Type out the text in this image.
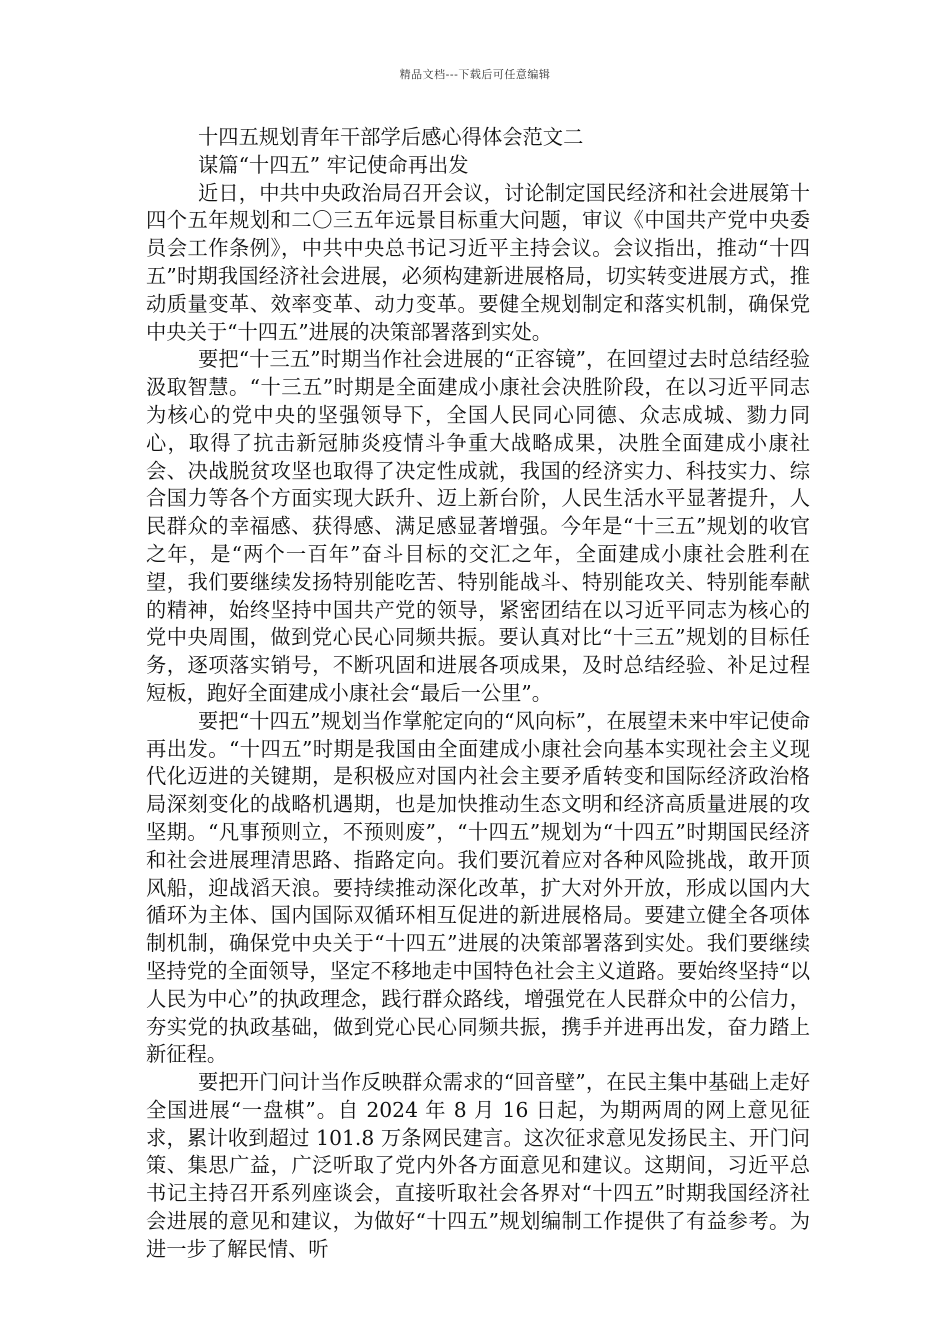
精品文档---下载后可任意编辑

十四五规划青年干部学后感心得体会范文二

谋篇“十四五” 牢记使命再出发

近日，中共中央政治局召开会议，讨论制定国民经济和社会进展第十四个五年规划和二〇三五年远景目标重大问题，审议《中国共产党中央委员会工作条例》，中共中央总书记习近平主持会议。会议指出，推动“十四五”时期我国经济社会进展，必须构建新进展格局，切实转变进展方式，推动质量变革、效率变革、动力变革。要健全规划制定和落实机制，确保党中央关于“十四五”进展的决策部署落到实处。

要把“十三五”时期当作社会进展的“正容镜”，在回望过去时总结经验汲取智慧。“十三五”时期是全面建成小康社会决胜阶段，在以习近平同志为核心的党中央的坚强领导下，全国人民同心同德、众志成城、勠力同心，取得了抗击新冠肺炎疫情斗争重大战略成果，决胜全面建成小康社会、决战脱贫攻坚也取得了决定性成就，我国的经济实力、科技实力、综合国力等各个方面实现大跃升、迈上新台阶，人民生活水平显著提升，人民群众的幸福感、获得感、满足感显著增强。今年是“十三五”规划的收官之年，是“两个一百年”奋斗目标的交汇之年，全面建成小康社会胜利在望，我们要继续发扬特别能吃苦、特别能战斗、特别能攻关、特别能奉献的精神，始终坚持中国共产党的领导，紧密团结在以习近平同志为核心的党中央周围，做到党心民心同频共振。要认真对比“十三五”规划的目标任务，逐项落实销号，不断巩固和进展各项成果，及时总结经验、补足过程短板，跑好全面建成小康社会“最后一公里”。

要把“十四五”规划当作掌舵定向的“风向标”，在展望未来中牢记使命再出发。“十四五”时期是我国由全面建成小康社会向基本实现社会主义现代化迈进的关键期，是积极应对国内社会主要矛盾转变和国际经济政治格局深刻变化的战略机遇期，也是加快推动生态文明和经济高质量进展的攻坚期。“凡事预则立，不预则废”，“十四五”规划为“十四五”时期国民经济和社会进展理清思路、指路定向。我们要沉着应对各种风险挑战，敢开顶风船，迎战滔天浪。要持续推动深化改革，扩大对外开放，形成以国内大循环为主体、国内国际双循环相互促进的新进展格局。要建立健全各项体制机制，确保党中央关于“十四五”进展的决策部署落到实处。我们要继续坚持党的全面领导，坚定不移地走中国特色社会主义道路。要始终坚持“以人民为中心”的执政理念，践行群众路线，增强党在人民群众中的公信力，夯实党的执政基础，做到党心民心同频共振，携手并进再出发，奋力踏上新征程。

要把开门问计当作反映群众需求的“回音壁”，在民主集中基础上走好全国进展“一盘棋”。自 2024 年 8 月 16 日起，为期两周的网上意见征求，累计收到超过 101.8 万条网民建言。这次征求意见发扬民主、开门问策、集思广益，广泛听取了党内外各方面意见和建议。这期间，习近平总书记主持召开系列座谈会，直接听取社会各界对“十四五”时期我国经济社会进展的意见和建议，为做好“十四五”规划编制工作提供了有益参考。为进一步了解民情、听
